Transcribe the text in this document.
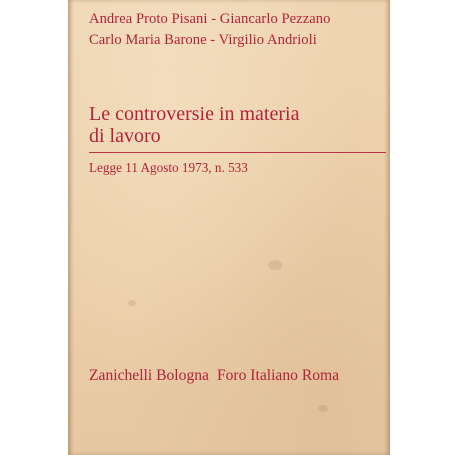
Andrea Proto Pisani - Giancarlo Pezzano
Carlo Maria Barone - Virgilio Andrioli
Le controversie in materia
di lavoro
Legge 11 Agosto 1973, n. 533
Zanichelli Bologna Foro Italiano Roma
